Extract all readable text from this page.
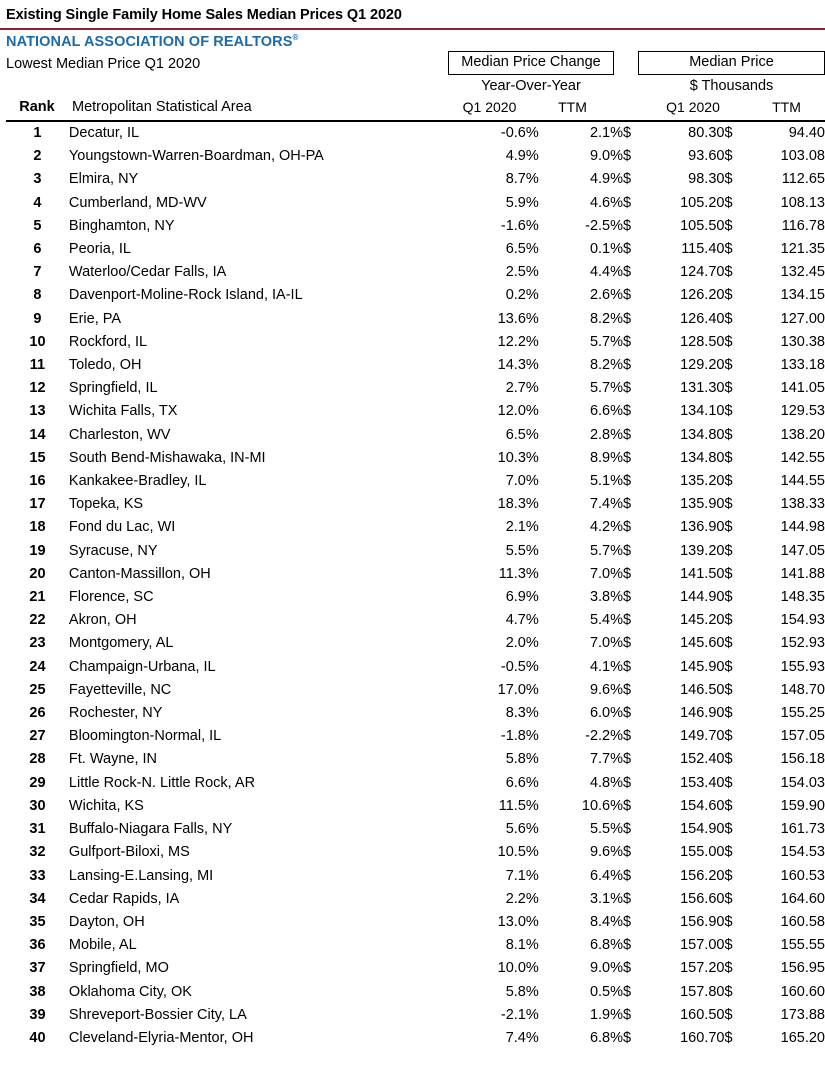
Existing Single Family Home Sales Median Prices Q1 2020
NATIONAL ASSOCIATION OF REALTORS®
Lowest Median Price Q1 2020	Median Price Change	Median Price
Year-Over-Year	$ Thousands
Rank	Metropolitan Statistical Area	Q1 2020	TTM	Q1 2020	TTM
1	Decatur, IL	-0.6%	2.1%	$	80.30	$	94.40
2	Youngstown-Warren-Boardman, OH-PA	4.9%	9.0%	$	93.60	$	103.08
3	Elmira, NY	8.7%	4.9%	$	98.30	$	112.65
4	Cumberland, MD-WV	5.9%	4.6%	$	105.20	$	108.13
5	Binghamton, NY	-1.6%	-2.5%	$	105.50	$	116.78
6	Peoria, IL	6.5%	0.1%	$	115.40	$	121.35
7	Waterloo/Cedar Falls, IA	2.5%	4.4%	$	124.70	$	132.45
8	Davenport-Moline-Rock Island, IA-IL	0.2%	2.6%	$	126.20	$	134.15
9	Erie, PA	13.6%	8.2%	$	126.40	$	127.00
10	Rockford, IL	12.2%	5.7%	$	128.50	$	130.38
11	Toledo, OH	14.3%	8.2%	$	129.20	$	133.18
12	Springfield, IL	2.7%	5.7%	$	131.30	$	141.05
13	Wichita Falls, TX	12.0%	6.6%	$	134.10	$	129.53
14	Charleston, WV	6.5%	2.8%	$	134.80	$	138.20
15	South Bend-Mishawaka, IN-MI	10.3%	8.9%	$	134.80	$	142.55
16	Kankakee-Bradley, IL	7.0%	5.1%	$	135.20	$	144.55
17	Topeka, KS	18.3%	7.4%	$	135.90	$	138.33
18	Fond du Lac, WI	2.1%	4.2%	$	136.90	$	144.98
19	Syracuse, NY	5.5%	5.7%	$	139.20	$	147.05
20	Canton-Massillon, OH	11.3%	7.0%	$	141.50	$	141.88
21	Florence, SC	6.9%	3.8%	$	144.90	$	148.35
22	Akron, OH	4.7%	5.4%	$	145.20	$	154.93
23	Montgomery, AL	2.0%	7.0%	$	145.60	$	152.93
24	Champaign-Urbana, IL	-0.5%	4.1%	$	145.90	$	155.93
25	Fayetteville, NC	17.0%	9.6%	$	146.50	$	148.70
26	Rochester, NY	8.3%	6.0%	$	146.90	$	155.25
27	Bloomington-Normal, IL	-1.8%	-2.2%	$	149.70	$	157.05
28	Ft. Wayne, IN	5.8%	7.7%	$	152.40	$	156.18
29	Little Rock-N. Little Rock, AR	6.6%	4.8%	$	153.40	$	154.03
30	Wichita, KS	11.5%	10.6%	$	154.60	$	159.90
31	Buffalo-Niagara Falls, NY	5.6%	5.5%	$	154.90	$	161.73
32	Gulfport-Biloxi, MS	10.5%	9.6%	$	155.00	$	154.53
33	Lansing-E.Lansing, MI	7.1%	6.4%	$	156.20	$	160.53
34	Cedar Rapids, IA	2.2%	3.1%	$	156.60	$	164.60
35	Dayton, OH	13.0%	8.4%	$	156.90	$	160.58
36	Mobile, AL	8.1%	6.8%	$	157.00	$	155.55
37	Springfield, MO	10.0%	9.0%	$	157.20	$	156.95
38	Oklahoma City, OK	5.8%	0.5%	$	157.80	$	160.60
39	Shreveport-Bossier City, LA	-2.1%	1.9%	$	160.50	$	173.88
40	Cleveland-Elyria-Mentor, OH	7.4%	6.8%	$	160.70	$	165.20
